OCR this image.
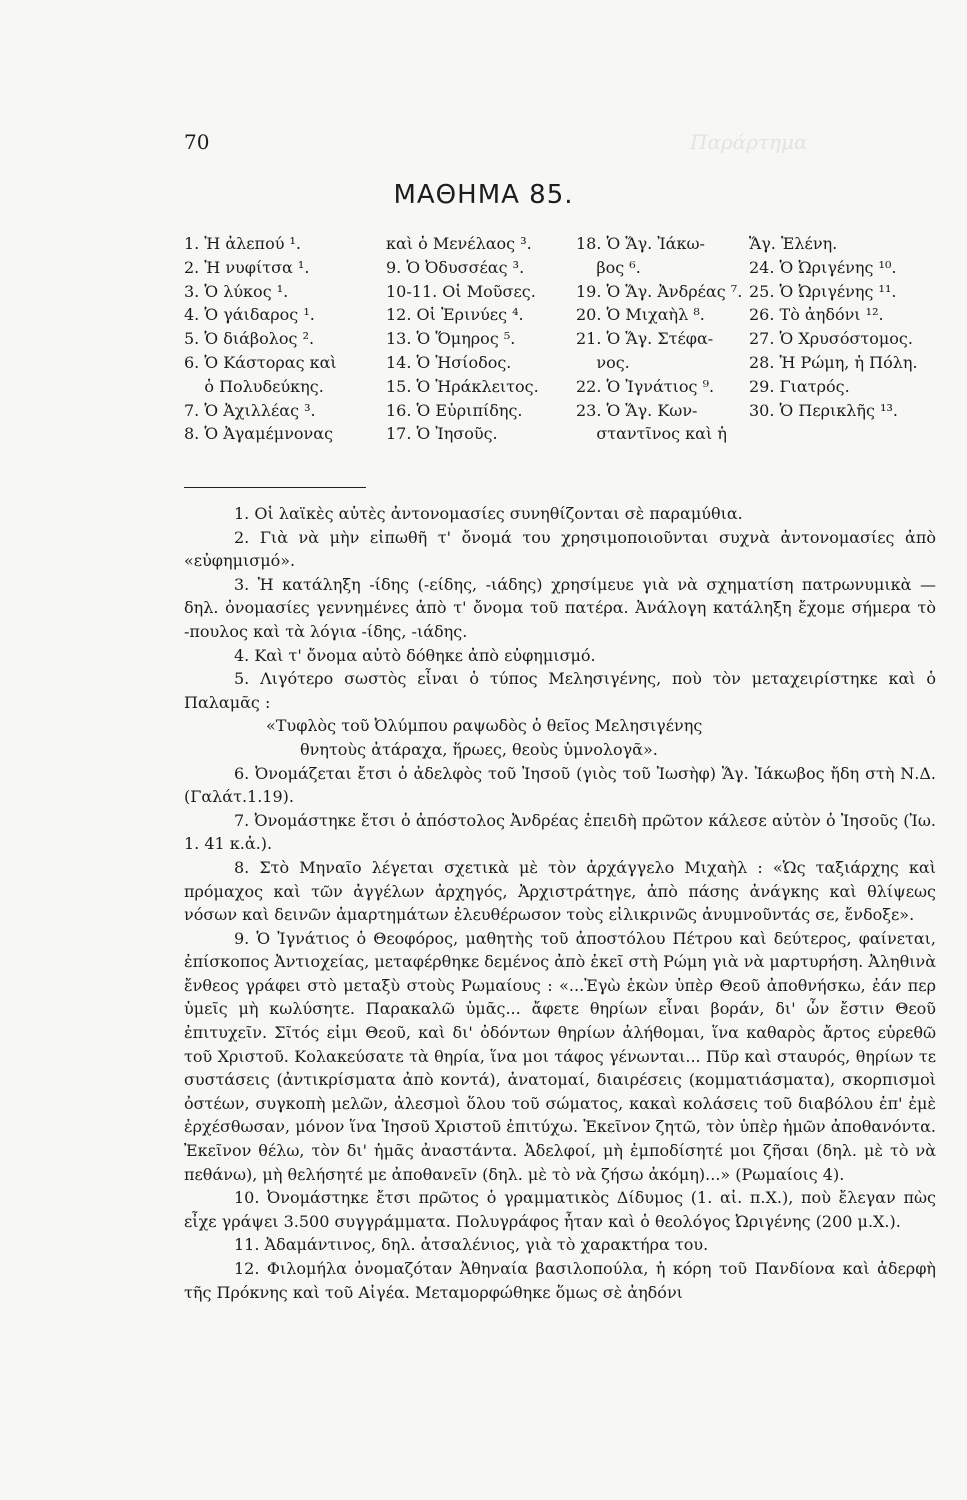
Παράρτημα
70
ΜΑΘΗΜΑ 85.
1. Ἡ ἀλεπού ¹.
2. Ἡ νυφίτσα ¹.
3. Ὁ λύκος ¹.
4. Ὁ γάιδαρος ¹.
5. Ὁ διάβολος ².
6. Ὁ Κάστορας καὶ
ὁ Πολυδεύκης.
7. Ὁ Ἀχιλλέας ³.
8. Ὁ Ἀγαμέμνονας
καὶ ὁ Μενέλαος ³.
9. Ὁ Ὀδυσσέας ³.
10-11. Οἱ Μοῦσες.
12. Οἱ Ἐρινύες ⁴.
13. Ὁ Ὅμηρος ⁵.
14. Ὁ Ἡσίοδος.
15. Ὁ Ἡράκλειτος.
16. Ὁ Εὐριπίδης.
17. Ὁ Ἰησοῦς.
18. Ὁ Ἅγ. Ἰάκω-
βος ⁶.
19. Ὁ Ἅγ. Ἀνδρέας ⁷.
20. Ὁ Μιχαὴλ ⁸.
21. Ὁ Ἅγ. Στέφα-
νος.
22. Ὁ Ἰγνάτιος ⁹.
23. Ὁ Ἅγ. Κων-
σταντῖνος καὶ ἡ
Ἅγ. Ἑλένη.
24. Ὁ Ὠριγένης ¹⁰.
25. Ὁ Ὠριγένης ¹¹.
26. Τὸ ἀηδόνι ¹².
27. Ὁ Χρυσόστομος.
28. Ἡ Ρώμη, ἡ Πόλη.
29. Γιατρός.
30. Ὁ Περικλῆς ¹³.

1. Οἱ λαϊκὲς αὐτὲς ἀντονομασίες συνηθίζονται σὲ παραμύθια.

2. Γιὰ νὰ μὴν εἰπωθῆ τ' ὄνομά του χρησιμοποιοῦνται συχνὰ ἀντονομασίες ἀπὸ «εὐφημισμό».

3. Ἡ κατάληξη -ίδης (-είδης, -ιάδης) χρησίμευε γιὰ νὰ σχηματίση πατρωνυμικὰ — δηλ. ὀνομασίες γεννημένες ἀπὸ τ' ὄνομα τοῦ πατέρα. Ἀνάλογη κατάληξη ἔχομε σήμερα τὸ -πουλος καὶ τὰ λόγια -ίδης, -ιάδης.

4. Καὶ τ' ὄνομα αὐτὸ δόθηκε ἀπὸ εὐφημισμό.

5. Λιγότερο σωστὸς εἶναι ὁ τύπος Μελησιγένης, ποὺ τὸν μεταχειρίστηκε καὶ ὁ Παλαμᾶς :

«Τυφλὸς τοῦ Ὀλύμπου ραψωδὸς ὁ θεῖος Μελησιγένης
θνητοὺς ἀτάραχα, ἥρωες, θεοὺς ὑμνολογᾶ».

6. Ὀνομάζεται ἔτσι ὁ ἀδελφὸς τοῦ Ἰησοῦ (γιὸς τοῦ Ἰωσὴφ) Ἅγ. Ἰάκωβος ἤδη στὴ Ν.Δ. (Γαλάτ.1.19).

7. Ὀνομάστηκε ἔτσι ὁ ἀπόστολος Ἀνδρέας ἐπειδὴ πρῶτον κάλεσε αὐτὸν ὁ Ἰησοῦς (Ἰω. 1. 41 κ.ἀ.).

8. Στὸ Μηναῖο λέγεται σχετικὰ μὲ τὸν ἀρχάγγελο Μιχαὴλ : «Ὡς ταξιάρχης καὶ πρόμαχος καὶ τῶν ἀγγέλων ἀρχηγός, Ἀρχιστράτηγε, ἀπὸ πάσης ἀνάγκης καὶ θλίψεως νόσων καὶ δεινῶν ἁμαρτημάτων ἐλευθέρωσον τοὺς εἰλικρινῶς ἀνυμνοῦντάς σε, ἔνδοξε».

9. Ὁ Ἰγνάτιος ὁ Θεοφόρος, μαθητὴς τοῦ ἀποστόλου Πέτρου καὶ δεύτερος, φαίνεται, ἐπίσκοπος Ἀντιοχείας, μεταφέρθηκε δεμένος ἀπὸ ἐκεῖ στὴ Ρώμη γιὰ νὰ μαρτυρήση. Ἀληθινὰ ἔνθεος γράφει στὸ μεταξὺ στοὺς Ρωμαίους : «...Ἐγὼ ἑκὼν ὑπὲρ Θεοῦ ἀποθνήσκω, ἐάν περ ὑμεῖς μὴ κωλύσητε. Παρακαλῶ ὑμᾶς... ἄφετε θηρίων εἶναι βοράν, δι' ὧν ἔστιν Θεοῦ ἐπιτυχεῖν. Σῖτός εἰμι Θεοῦ, καὶ δι' ὀδόντων θηρίων ἀλήθομαι, ἵνα καθαρὸς ἄρτος εὑρεθῶ τοῦ Χριστοῦ. Κολακεύσατε τὰ θηρία, ἵνα μοι τάφος γένωνται... Πῦρ καὶ σταυρός, θηρίων τε συστάσεις (ἀντικρίσματα ἀπὸ κοντά), ἀνατομαί, διαιρέσεις (κομματιάσματα), σκορπισμοὶ ὀστέων, συγκοπὴ μελῶν, ἀλεσμοὶ ὅλου τοῦ σώματος, κακαὶ κολάσεις τοῦ διαβόλου ἐπ' ἐμὲ ἐρχέσθωσαν, μόνον ἵνα Ἰησοῦ Χριστοῦ ἐπιτύχω. Ἐκεῖνον ζητῶ, τὸν ὑπὲρ ἡμῶν ἀποθανόντα. Ἐκεῖνον θέλω, τὸν δι' ἡμᾶς ἀναστάντα. Ἀδελφοί, μὴ ἐμποδίσητέ μοι ζῆσαι (δηλ. μὲ τὸ νὰ πεθάνω), μὴ θελήσητέ με ἀποθανεῖν (δηλ. μὲ τὸ νὰ ζήσω ἀκόμη)...» (Ρωμαίοις 4).

10. Ὀνομάστηκε ἔτσι πρῶτος ὁ γραμματικὸς Δίδυμος (1. αἰ. π.Χ.), ποὺ ἔλεγαν πὼς εἶχε γράψει 3.500 συγγράμματα. Πολυγράφος ἦταν καὶ ὁ θεολόγος Ὠριγένης (200 μ.Χ.).

11. Ἀδαμάντινος, δηλ. ἀτσαλένιος, γιὰ τὸ χαρακτήρα του.

12. Φιλομήλα ὀνομαζόταν Ἀθηναία βασιλοπούλα, ἡ κόρη τοῦ Πανδίονα καὶ ἀδερφὴ τῆς Πρόκνης καὶ τοῦ Αἰγέα. Μεταμορφώθηκε ὅμως σὲ ἀηδόνι
